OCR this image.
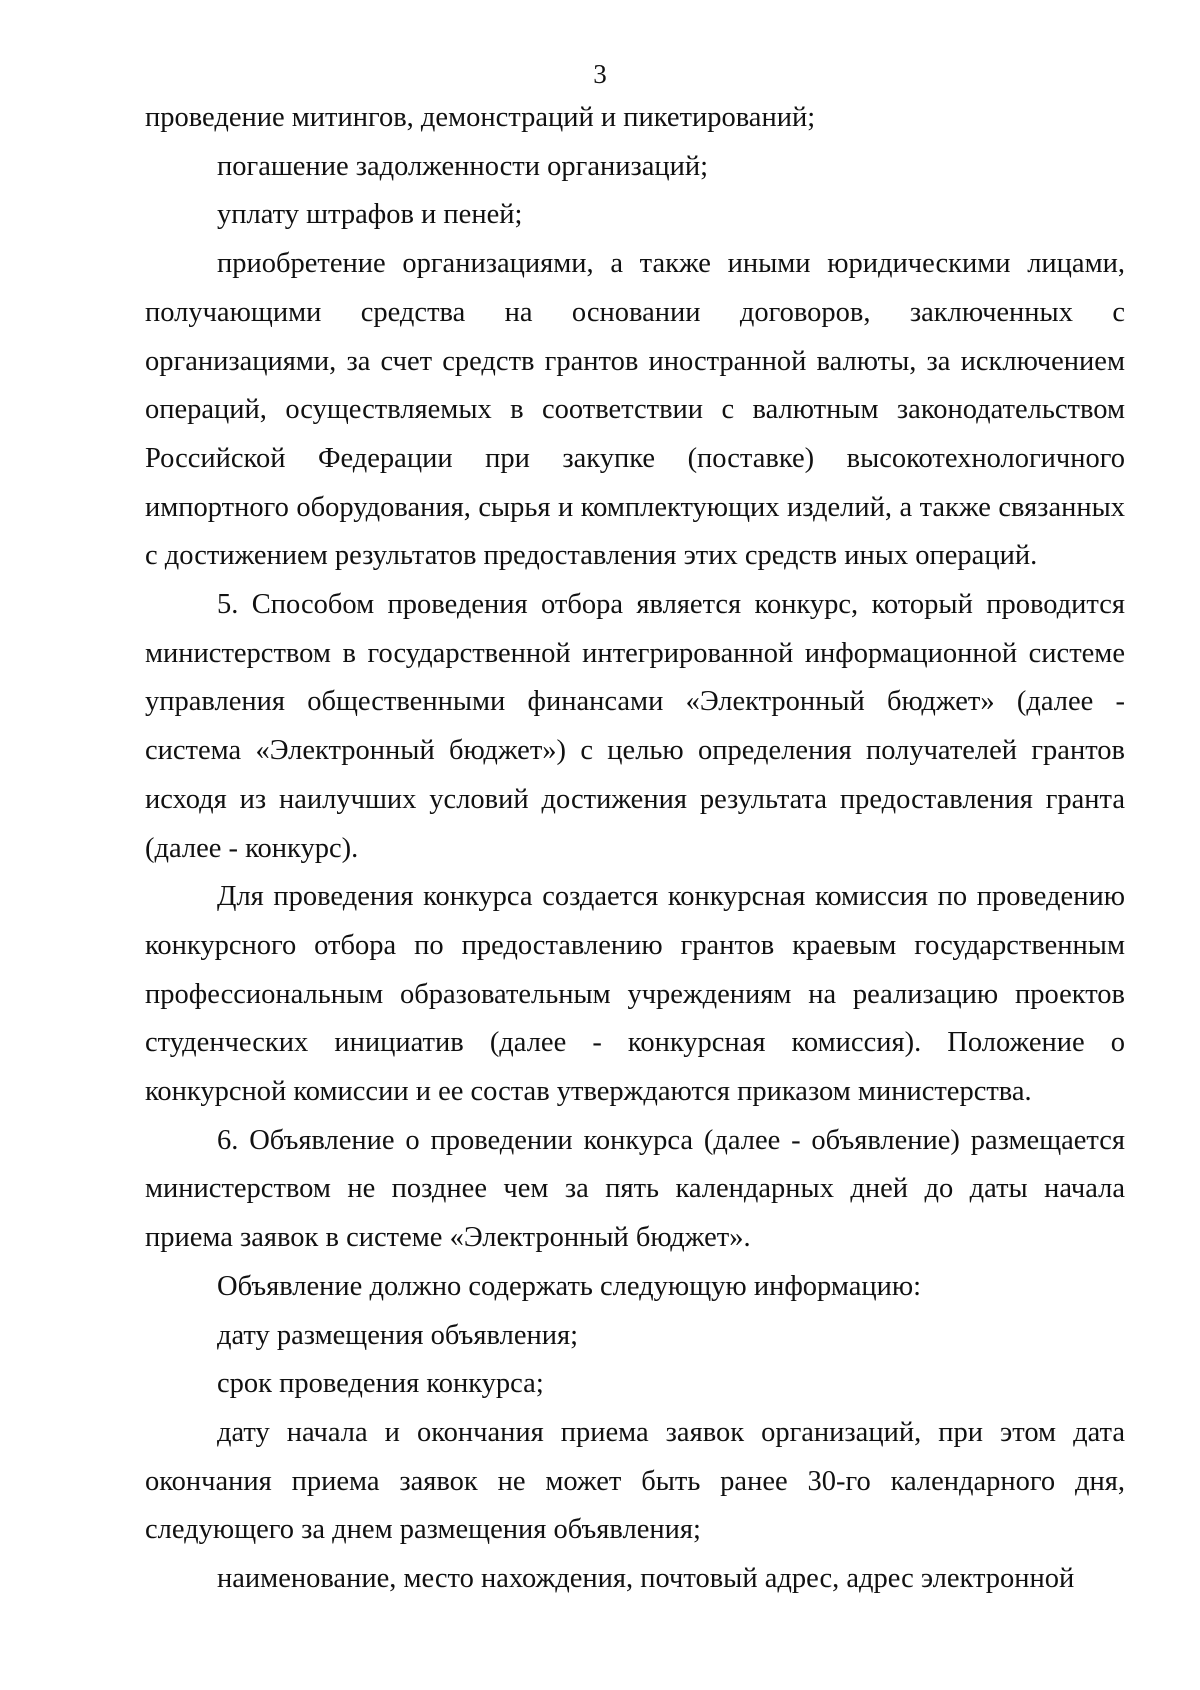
3

проведение митингов, демонстраций и пикетирований;

погашение задолженности организаций;

уплату штрафов и пеней;

приобретение организациями, а также иными юридическими лицами, получающими средства на основании договоров, заключенных с организациями, за счет средств грантов иностранной валюты, за исключением операций, осуществляемых в соответствии с валютным законодательством Российской Федерации при закупке (поставке) высокотехнологичного импортного оборудования, сырья и комплектующих изделий, а также связанных с достижением результатов предоставления этих средств иных операций.

5. Способом проведения отбора является конкурс, который проводится министерством в государственной интегрированной информационной системе управления общественными финансами «Электронный бюджет» (далее - система «Электронный бюджет») с целью определения получателей грантов исходя из наилучших условий достижения результата предоставления гранта (далее - конкурс).

Для проведения конкурса создается конкурсная комиссия по проведению конкурсного отбора по предоставлению грантов краевым государственным профессиональным образовательным учреждениям на реализацию проектов студенческих инициатив (далее - конкурсная комиссия). Положение о конкурсной комиссии и ее состав утверждаются приказом министерства.

6. Объявление о проведении конкурса (далее - объявление) размещается министерством не позднее чем за пять календарных дней до даты начала приема заявок в системе «Электронный бюджет».

Объявление должно содержать следующую информацию:

дату размещения объявления;

срок проведения конкурса;

дату начала и окончания приема заявок организаций, при этом дата окончания приема заявок не может быть ранее 30-го календарного дня, следующего за днем размещения объявления;

наименование, место нахождения, почтовый адрес, адрес электронной
